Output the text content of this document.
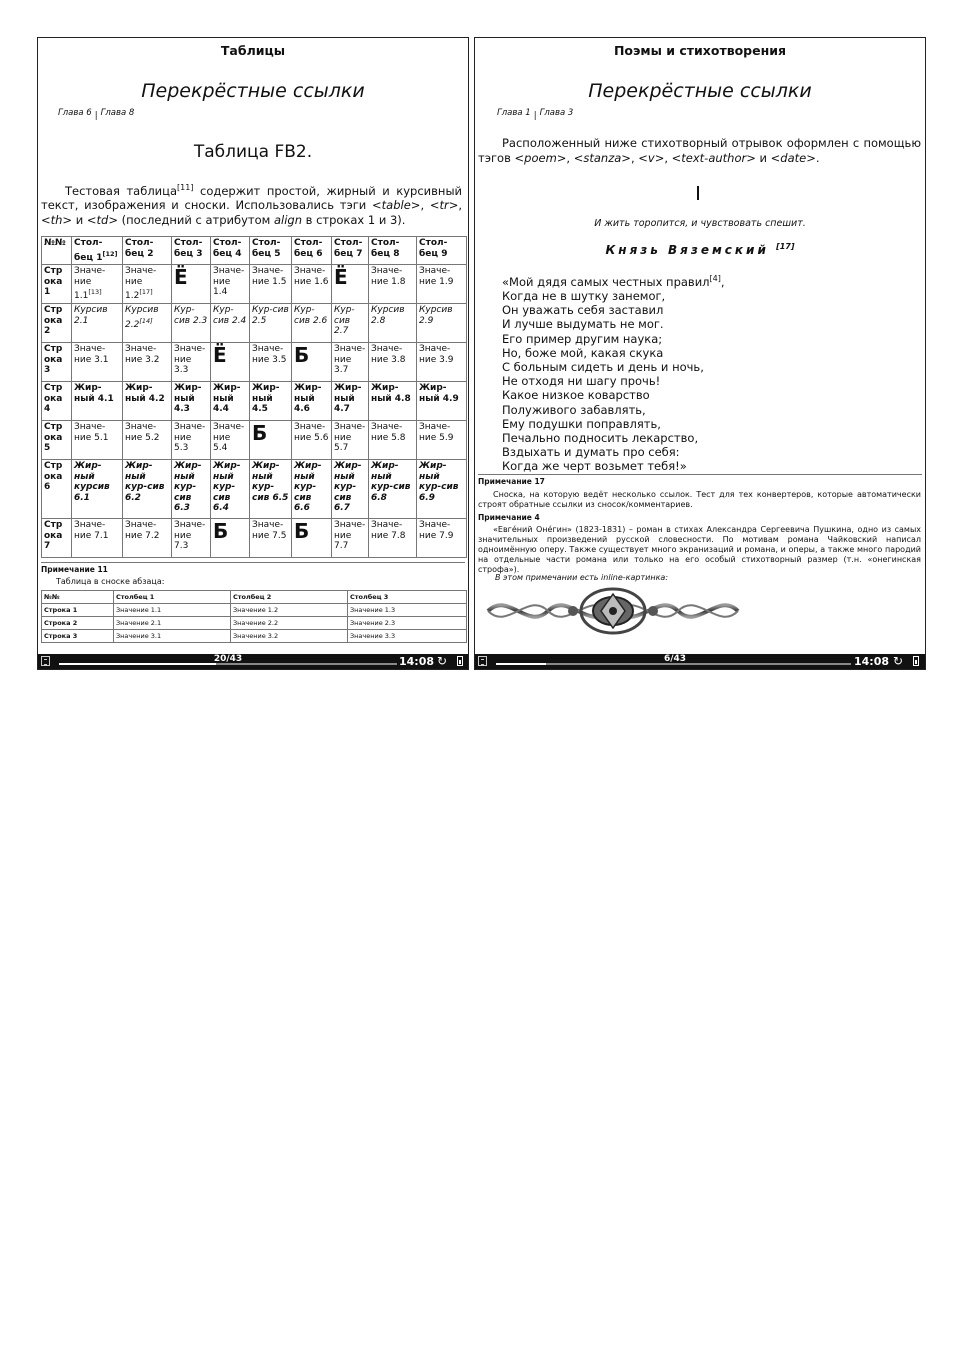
Таблицы
Перекрёстные ссылки
Глава 6 | Глава 8
Таблица FB2.
Тестовая таблица[11] содержит простой, жирный и курсивный текст, изображения и сноски. Использовались тэги <table>, <tr>, <th> и <td> (последний с атрибутом align в строках 1 и 3).
№№	Стол-бец 1[12]	Стол-бец 2	Стол-бец 3	Стол-бец 4	Стол-бец 5	Стол-бец 6	Стол-бец 7	Стол-бец 8	Стол-бец 9
Стр ока 1	Значе-ние 1.1[13]	Значе-ние 1.2[17]	Ё	Значе-ние 1.4	Значе-ние 1.5	Значе-ние 1.6	Ё	Значе-ние 1.8	Значе-ние 1.9
Стр ока 2	Курсив 2.1	Курсив 2.2[14]	Кур-сив 2.3	Кур-сив 2.4	Кур-сив 2.5	Кур-сив 2.6	Кур-сив 2.7	Курсив 2.8	Курсив 2.9
Стр ока 3	Значе-ние 3.1	Значе-ние 3.2	Значе-ние 3.3	Ё	Значе-ние 3.5	Б	Значе-ние 3.7	Значе-ние 3.8	Значе-ние 3.9
Стр ока 4	Жир-ный 4.1	Жир-ный 4.2	Жир-ный 4.3	Жир-ный 4.4	Жир-ный 4.5	Жир-ный 4.6	Жир-ный 4.7	Жир-ный 4.8	Жир-ный 4.9
Стр ока 5	Значе-ние 5.1	Значе-ние 5.2	Значе-ние 5.3	Значе-ние 5.4	Б	Значе-ние 5.6	Значе-ние 5.7	Значе-ние 5.8	Значе-ние 5.9
Стр ока 6	Жир-ный курсив 6.1	Жир-ный кур-сив 6.2	Жир-ный кур-сив 6.3	Жир-ный кур-сив 6.4	Жир-ный кур-сив 6.5	Жир-ный кур-сив 6.6	Жир-ный кур-сив 6.7	Жир-ный кур-сив 6.8	Жир-ный кур-сив 6.9
Стр ока 7	Значе-ние 7.1	Значе-ние 7.2	Значе-ние 7.3	Б	Значе-ние 7.5	Б	Значе-ние 7.7	Значе-ние 7.8	Значе-ние 7.9
Примечание 11
Таблица в сноске абзаца:
№№	Столбец 1	Столбец 2	Столбец 3
Строка 1	Значение 1.1	Значение 1.2	Значение 1.3
Строка 2	Значение 2.1	Значение 2.2	Значение 2.3
Строка 3	Значение 3.1	Значение 3.2	Значение 3.3
20/43	14:08 ↻
Поэмы и стихотворения
Перекрёстные ссылки
Глава 1 | Глава 3
Расположенный ниже стихотворный отрывок оформлен с помощью тэгов <poem>, <stanza>, <v>, <text-author> и <date>.
И жить торопится, и чувствовать спешит.
Князь Вяземский [17]
«Мой дядя самых честных правил[4],
Когда не в шутку занемог,
Он уважать себя заставил
И лучше выдумать не мог.
Его пример другим наука;
Но, боже мой, какая скука
С больным сидеть и день и ночь,
Не отходя ни шагу прочь!
Какое низкое коварство
Полуживого забавлять,
Ему подушки поправлять,
Печально подносить лекарство,
Вздыхать и думать про себя:
Когда же черт возьмет тебя!»
Примечание 17
Сноска, на которую ведёт несколько ссылок. Тест для тех конвертеров, которые автоматически строят обратные ссылки из сносок/комментариев.
Примечание 4
«Евге́ний Оне́гин» (1823-1831) – роман в стихах Александра Сергеевича Пушкина, одно из самых значительных произведений русской словесности. По мотивам романа Чайковский написал одноимённую оперу. Также существует много экранизаций и романа, и оперы, а также много пародий на отдельные части романа или только на его особый стихотворный размер (т.н. «онегинская строфа»).
В этом примечании есть inline-картинка:
6/43	14:08 ↻
